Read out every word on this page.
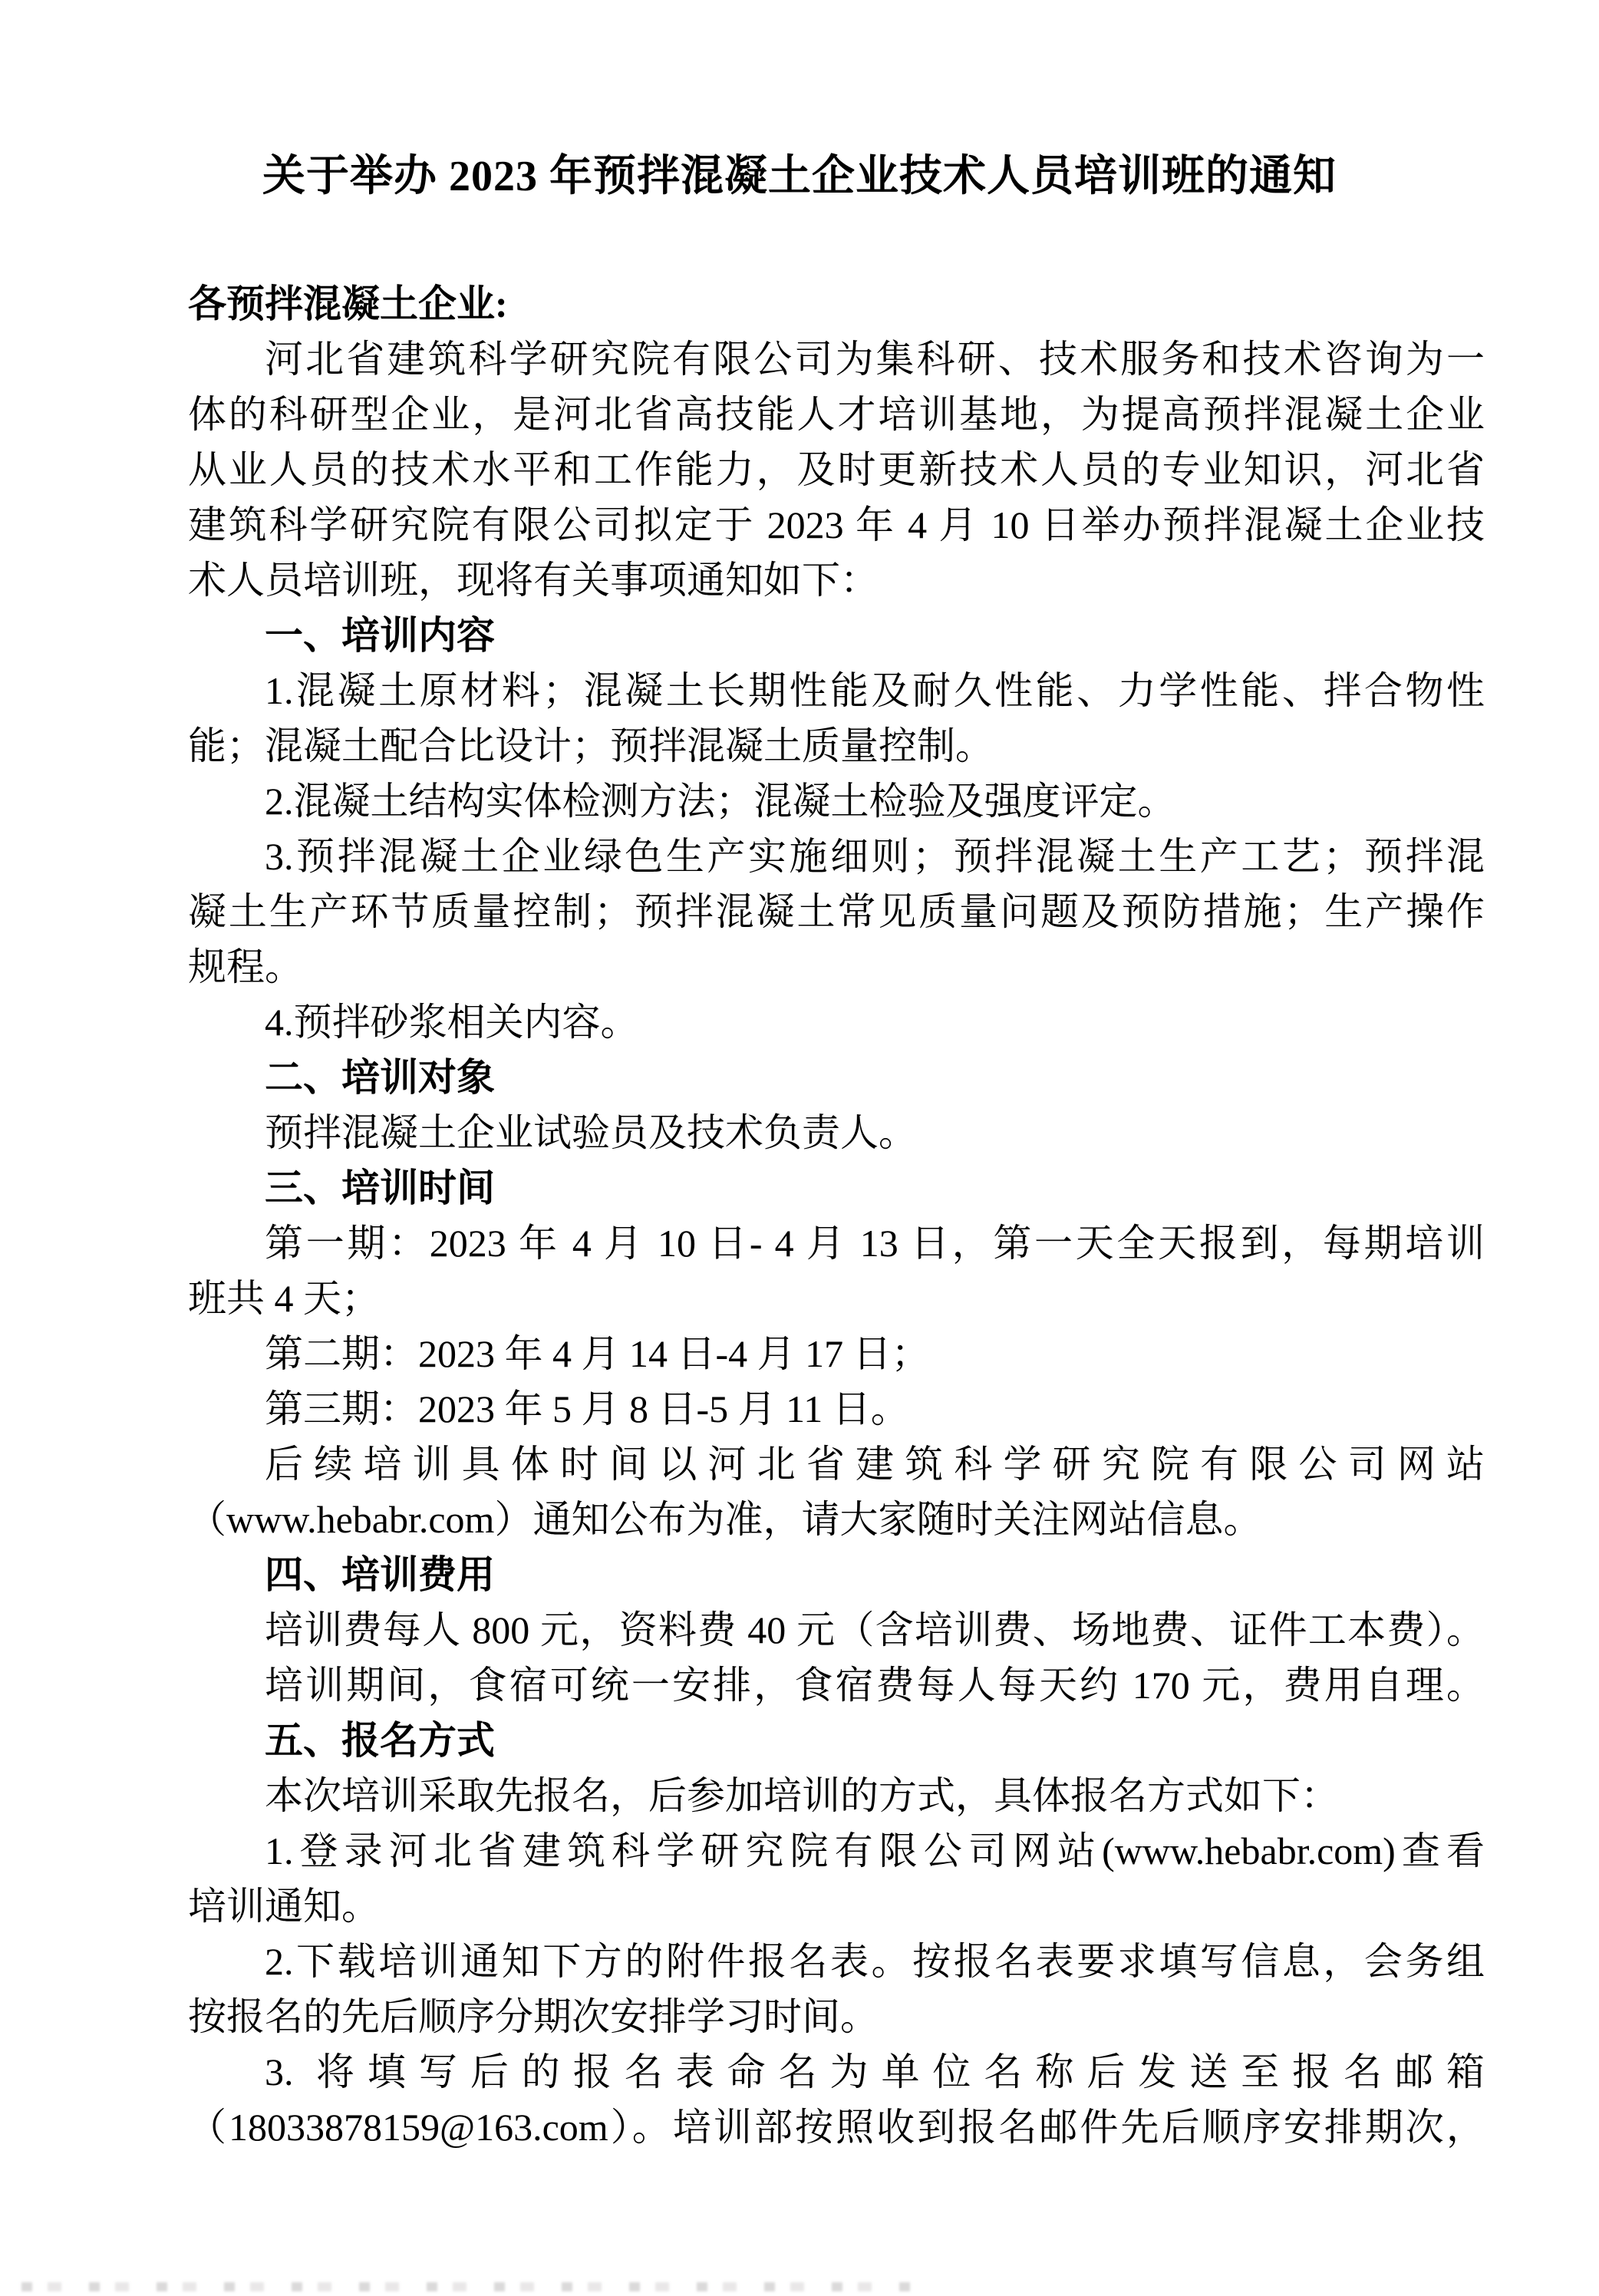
关于举办 2023 年预拌混凝土企业技术人员培训班的通知
各预拌混凝土企业:
河北省建筑科学研究院有限公司为集科研、技术服务和技术咨询为一
体的科研型企业，是河北省高技能人才培训基地，为提高预拌混凝土企业
从业人员的技术水平和工作能力，及时更新技术人员的专业知识，河北省
建筑科学研究院有限公司拟定于 2023 年 4 月 10 日举办预拌混凝土企业技
术人员培训班，现将有关事项通知如下：
一、培训内容
1.混凝土原材料；混凝土长期性能及耐久性能、力学性能、拌合物性
能；混凝土配合比设计；预拌混凝土质量控制。
2.混凝土结构实体检测方法；混凝土检验及强度评定。
3.预拌混凝土企业绿色生产实施细则；预拌混凝土生产工艺；预拌混
凝土生产环节质量控制；预拌混凝土常见质量问题及预防措施；生产操作
规程。
4.预拌砂浆相关内容。
二、培训对象
预拌混凝土企业试验员及技术负责人。
三、培训时间
第一期：2023 年 4 月 10 日- 4 月 13 日，第一天全天报到，每期培训
班共 4 天；
第二期：2023 年 4 月 14 日-4 月 17 日；
第三期：2023 年 5 月 8 日-5 月 11 日。
后续培训具体时间以河北省建筑科学研究院有限公司网站
（www.hebabr.com）通知公布为准，请大家随时关注网站信息。
四、培训费用
培训费每人 800 元，资料费 40 元（含培训费、场地费、证件工本费）。
培训期间，食宿可统一安排，食宿费每人每天约 170 元，费用自理。
五、报名方式
本次培训采取先报名，后参加培训的方式，具体报名方式如下：
1.登录河北省建筑科学研究院有限公司网站(www.hebabr.com)查看
培训通知。
2.下载培训通知下方的附件报名表。按报名表要求填写信息，会务组
按报名的先后顺序分期次安排学习时间。
3. 将填写后的报名表命名为单位名称后发送至报名邮箱
（18033878159@163.com）。培训部按照收到报名邮件先后顺序安排期次，
